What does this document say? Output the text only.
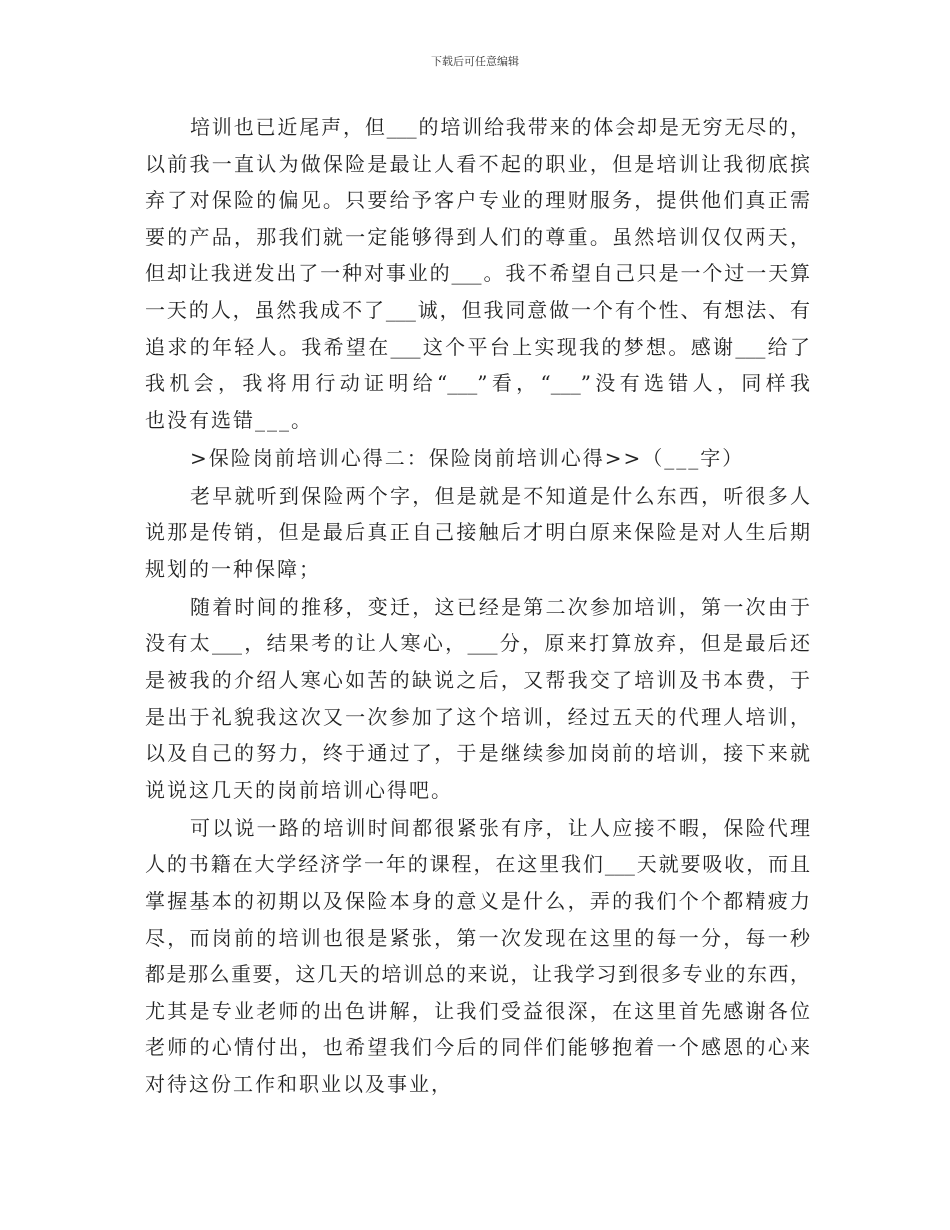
下载后可任意编辑
培训也已近尾声，但___的培训给我带来的体会却是无穷无尽的，
以前我一直认为做保险是最让人看不起的职业，但是培训让我彻底摈
弃了对保险的偏见。只要给予客户专业的理财服务，提供他们真正需
要的产品，那我们就一定能够得到人们的尊重。虽然培训仅仅两天，
但却让我迸发出了一种对事业的___。我不希望自己只是一个过一天算
一天的人，虽然我成不了___诚，但我同意做一个有个性、有想法、有
追求的年轻人。我希望在___这个平台上实现我的梦想。感谢___给了
我机会，我将用行动证明给“___”看，“___”没有选错人，同样我
也没有选错___。
>保险岗前培训心得二：保险岗前培训心得>>（___字）
老早就听到保险两个字，但是就是不知道是什么东西，听很多人
说那是传销，但是最后真正自己接触后才明白原来保险是对人生后期
规划的一种保障；
随着时间的推移，变迁，这已经是第二次参加培训，第一次由于
没有太___，结果考的让人寒心，___分，原来打算放弃，但是最后还
是被我的介绍人寒心如苦的缺说之后，又帮我交了培训及书本费，于
是出于礼貌我这次又一次参加了这个培训，经过五天的代理人培训，
以及自己的努力，终于通过了，于是继续参加岗前的培训，接下来就
说说这几天的岗前培训心得吧。
可以说一路的培训时间都很紧张有序，让人应接不暇，保险代理
人的书籍在大学经济学一年的课程，在这里我们___天就要吸收，而且
掌握基本的初期以及保险本身的意义是什么，弄的我们个个都精疲力
尽，而岗前的培训也很是紧张，第一次发现在这里的每一分，每一秒
都是那么重要，这几天的培训总的来说，让我学习到很多专业的东西，
尤其是专业老师的出色讲解，让我们受益很深，在这里首先感谢各位
老师的心情付出，也希望我们今后的同伴们能够抱着一个感恩的心来
对待这份工作和职业以及事业，
